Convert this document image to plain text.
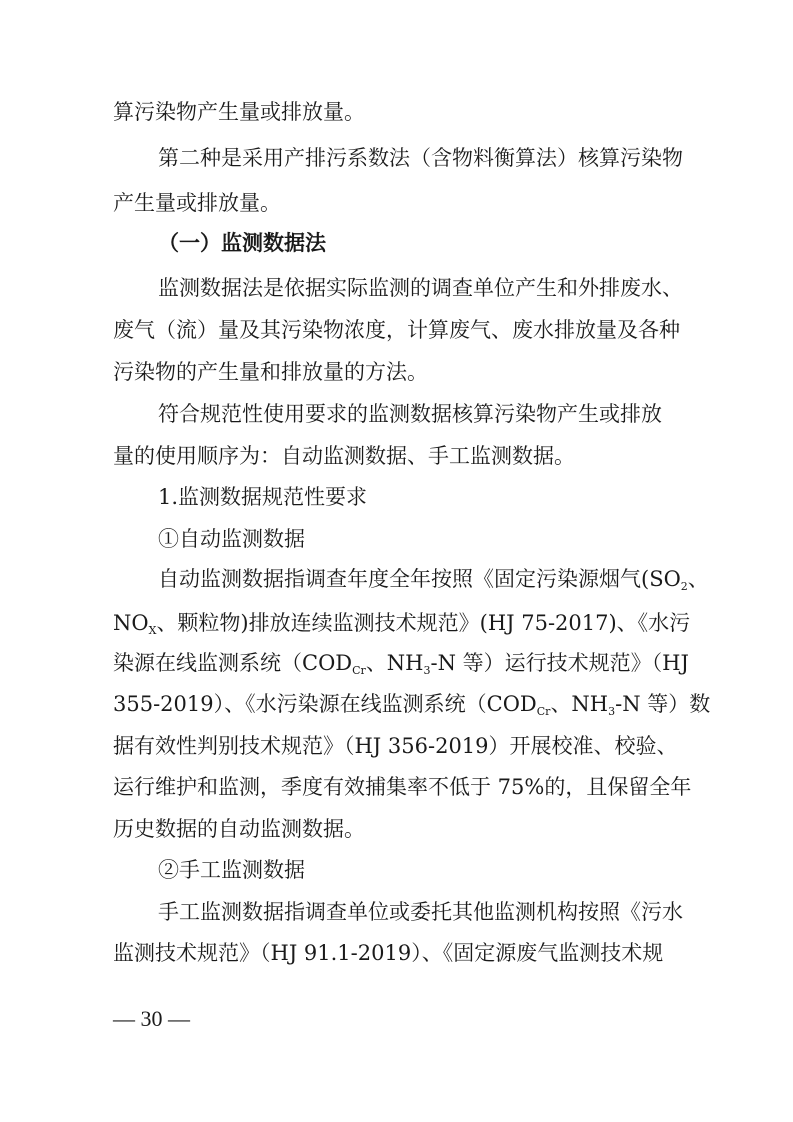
算污染物产生量或排放量。
第二种是采用产排污系数法（含物料衡算法）核算污染物
产生量或排放量。
（一）监测数据法
监测数据法是依据实际监测的调查单位产生和外排废水、
废气（流）量及其污染物浓度，计算废气、废水排放量及各种
污染物的产生量和排放量的方法。
符合规范性使用要求的监测数据核算污染物产生或排放
量的使用顺序为：自动监测数据、手工监测数据。
1.监测数据规范性要求
①自动监测数据
自动监测数据指调查年度全年按照《固定污染源烟气($SO_2$、
$NO_X$、颗粒物)排放连续监测技术规范》(HJ 75-2017)、《水污
染源在线监测系统（$COD_{Cr}$、$NH_3-N$ 等）运行技术规范》（HJ
355-2019）、《水污染源在线监测系统（$COD_{Cr}$、$NH_3-N$ 等）数
据有效性判别技术规范》（HJ 356-2019）开展校准、校验、
运行维护和监测，季度有效捕集率不低于 75%的，且保留全年
历史数据的自动监测数据。
②手工监测数据
手工监测数据指调查单位或委托其他监测机构按照《污水
监测技术规范》（HJ 91.1-2019）、《固定源废气监测技术规
— 30 —
